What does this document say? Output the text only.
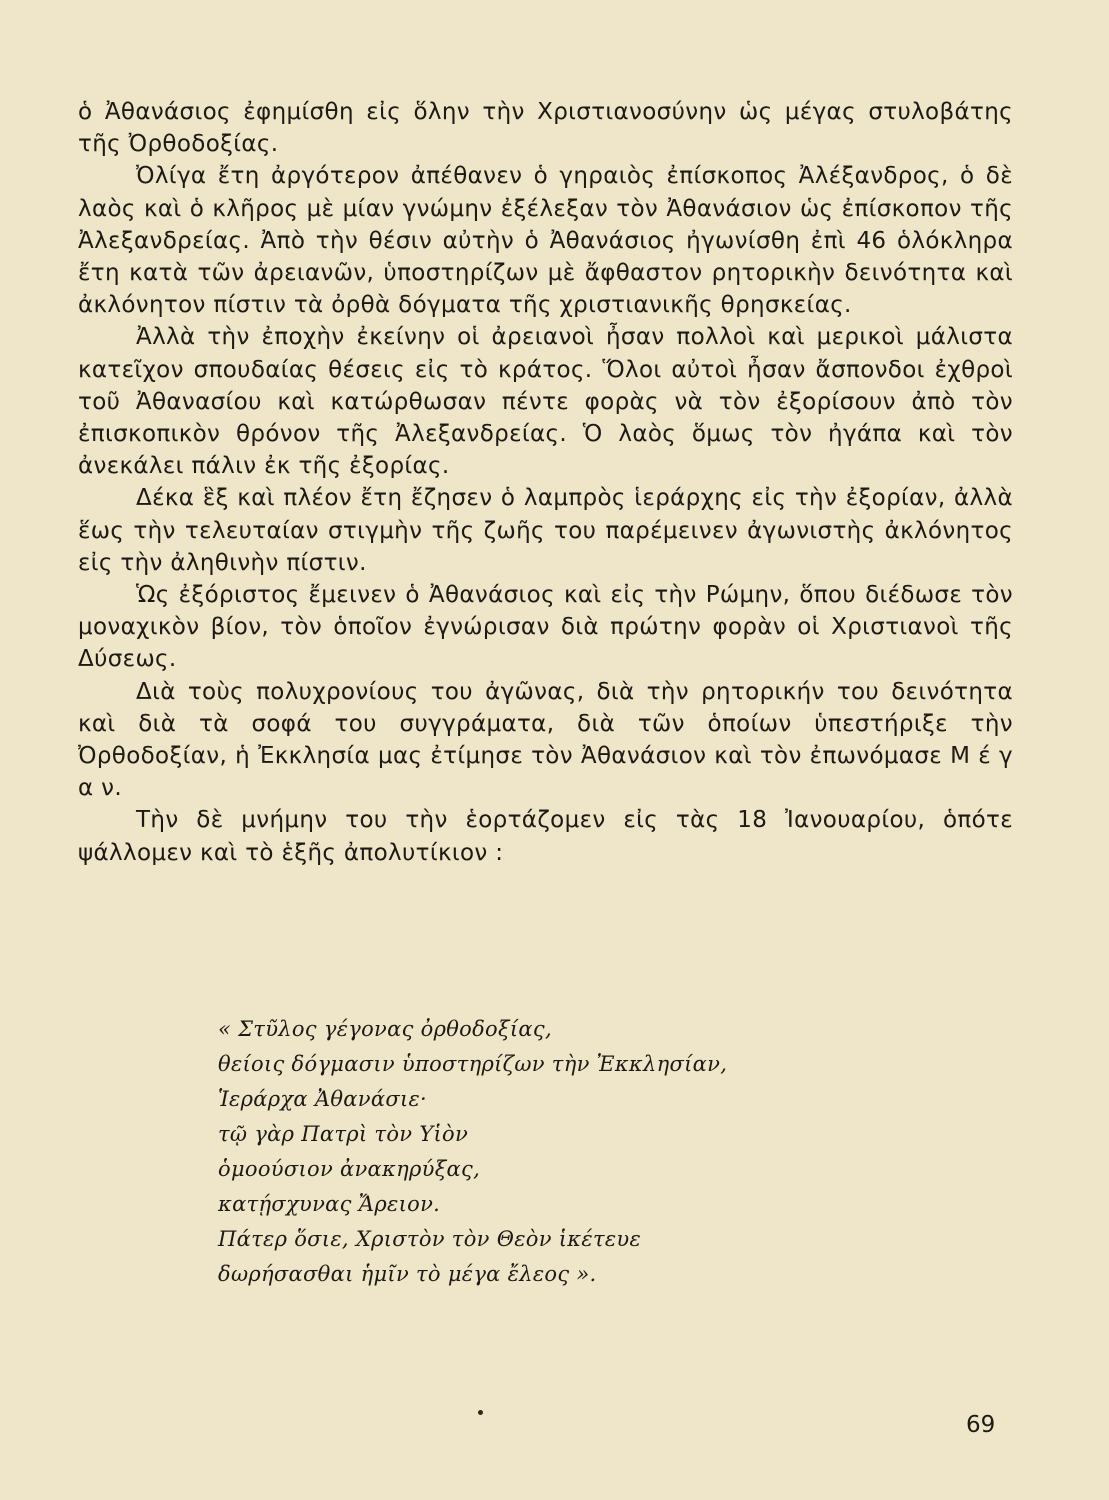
ὁ Ἀθανάσιος ἐφημίσθη εἰς ὅλην τὴν Χριστιανοσύνην ὡς μέγας στυλοβάτης τῆς Ὀρθοδοξίας.

Ὀλίγα ἔτη ἀργότερον ἀπέθανεν ὁ γηραιὸς ἐπίσκοπος Ἀλέξανδρος, ὁ δὲ λαὸς καὶ ὁ κλῆρος μὲ μίαν γνώμην ἐξέλεξαν τὸν Ἀθανάσιον ὡς ἐπίσκοπον τῆς Ἀλεξανδρείας. Ἀπὸ τὴν θέσιν αὐτὴν ὁ Ἀθανάσιος ἠγωνίσθη ἐπὶ 46 ὁλόκληρα ἔτη κατὰ τῶν ἀρειανῶν, ὑποστηρίζων μὲ ἄφθαστον ρητορικὴν δεινότητα καὶ ἀκλόνητον πίστιν τὰ ὀρθὰ δόγματα τῆς χριστιανικῆς θρησκείας.

Ἀλλὰ τὴν ἐποχὴν ἐκείνην οἱ ἀρειανοὶ ἦσαν πολλοὶ καὶ μερικοὶ μάλιστα κατεῖχον σπουδαίας θέσεις εἰς τὸ κράτος. Ὅλοι αὐτοὶ ἦσαν ἄσπονδοι ἐχθροὶ τοῦ Ἀθανασίου καὶ κατώρθωσαν πέντε φορὰς νὰ τὸν ἐξορίσουν ἀπὸ τὸν ἐπισκοπικὸν θρόνον τῆς Ἀλεξανδρείας. Ὁ λαὸς ὅμως τὸν ἠγάπα καὶ τὸν ἀνεκάλει πάλιν ἐκ τῆς ἐξορίας.

Δέκα ἓξ καὶ πλέον ἔτη ἔζησεν ὁ λαμπρὸς ἱεράρχης εἰς τὴν ἐξορίαν, ἀλλὰ ἕως τὴν τελευταίαν στιγμὴν τῆς ζωῆς του παρέμεινεν ἀγωνιστὴς ἀκλόνητος εἰς τὴν ἀληθινὴν πίστιν.

Ὡς ἐξόριστος ἔμεινεν ὁ Ἀθανάσιος καὶ εἰς τὴν Ρώμην, ὅπου διέδωσε τὸν μοναχικὸν βίον, τὸν ὁποῖον ἐγνώρισαν διὰ πρώτην φορὰν οἱ Χριστιανοὶ τῆς Δύσεως.

Διὰ τοὺς πολυχρονίους του ἀγῶνας, διὰ τὴν ρητορικήν του δεινότητα καὶ διὰ τὰ σοφά του συγγράματα, διὰ τῶν ὁποίων ὑπεστήριξε τὴν Ὀρθοδοξίαν, ἡ Ἐκκλησία μας ἐτίμησε τὸν Ἀθανάσιον καὶ τὸν ἐπωνόμασε Μ έ γ α ν.

Τὴν δὲ μνήμην του τὴν ἑορτάζομεν εἰς τὰς 18 Ἰανουαρίου, ὁπότε ψάλλομεν καὶ τὸ ἑξῆς ἀπολυτίκιον :

« Στῦλος γέγονας ὀρθοδοξίας,
θείοις δόγμασιν ὑποστηρίζων τὴν Ἐκκλησίαν,
Ἱεράρχα Ἀθανάσιε·
τῷ γὰρ Πατρὶ τὸν Υἱὸν
ὁμοούσιον ἀνακηρύξας,
κατῄσχυνας Ἄρειον.
Πάτερ ὅσιε, Χριστὸν τὸν Θεὸν ἱκέτευε
δωρήσασθαι ἡμῖν τὸ μέγα ἔλεος ».
69
